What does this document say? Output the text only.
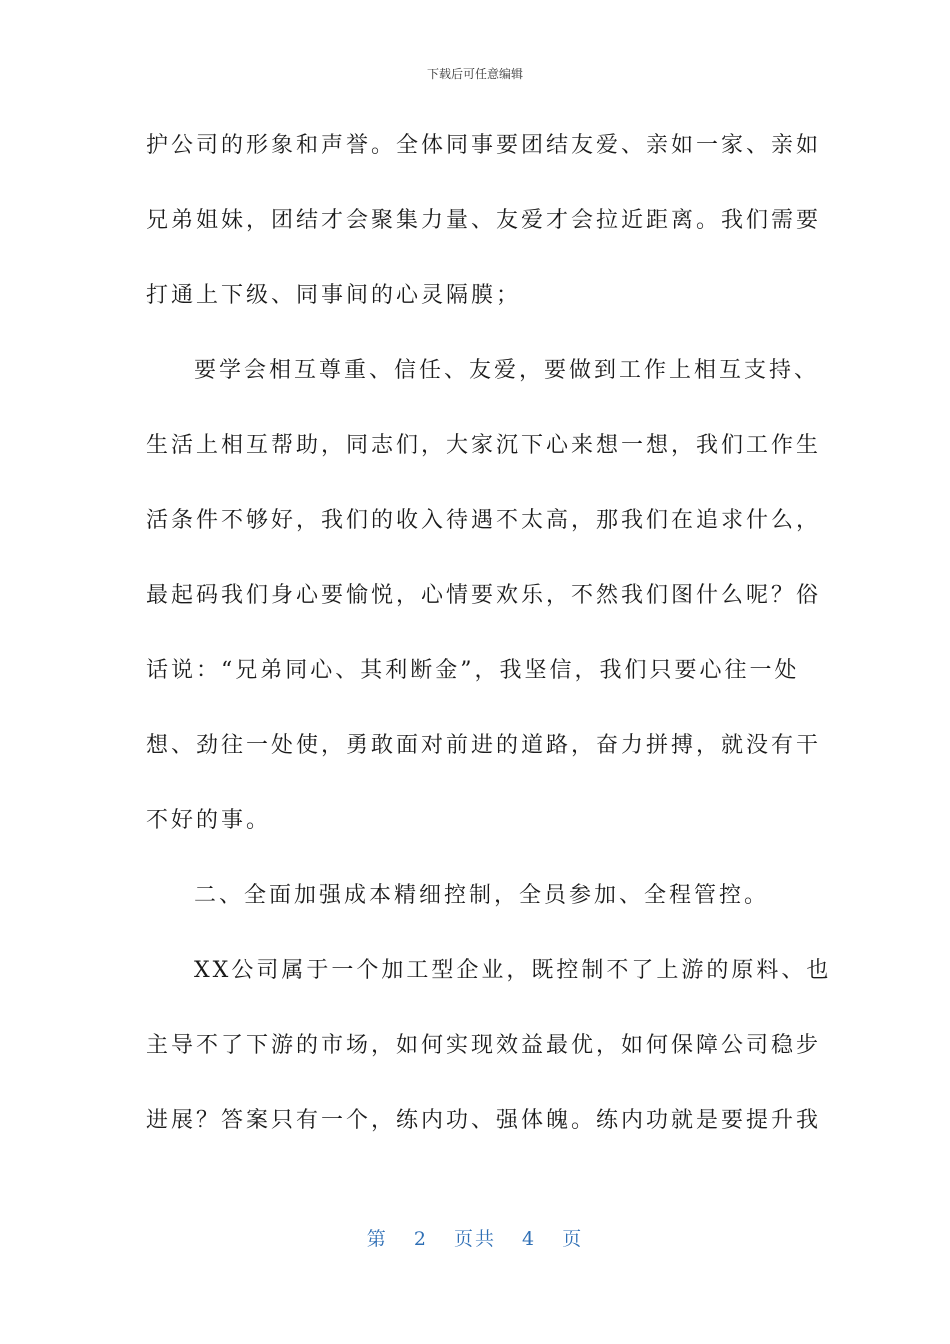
下载后可任意编辑

护公司的形象和声誉。全体同事要团结友爱、亲如一家、亲如

兄弟姐妹，团结才会聚集力量、友爱才会拉近距离。我们需要

打通上下级、同事间的心灵隔膜；

要学会相互尊重、信任、友爱，要做到工作上相互支持、

生活上相互帮助，同志们，大家沉下心来想一想，我们工作生

活条件不够好，我们的收入待遇不太高，那我们在追求什么，

最起码我们身心要愉悦，心情要欢乐，不然我们图什么呢？俗

话说：“兄弟同心、其利断金”，我坚信，我们只要心往一处

想、劲往一处使，勇敢面对前进的道路，奋力拼搏，就没有干

不好的事。

二、全面加强成本精细控制，全员参加、全程管控。

XX公司属于一个加工型企业，既控制不了上游的原料、也

主导不了下游的市场，如何实现效益最优，如何保障公司稳步

进展？答案只有一个，练内功、强体魄。练内功就是要提升我

第 2 页共 4 页
